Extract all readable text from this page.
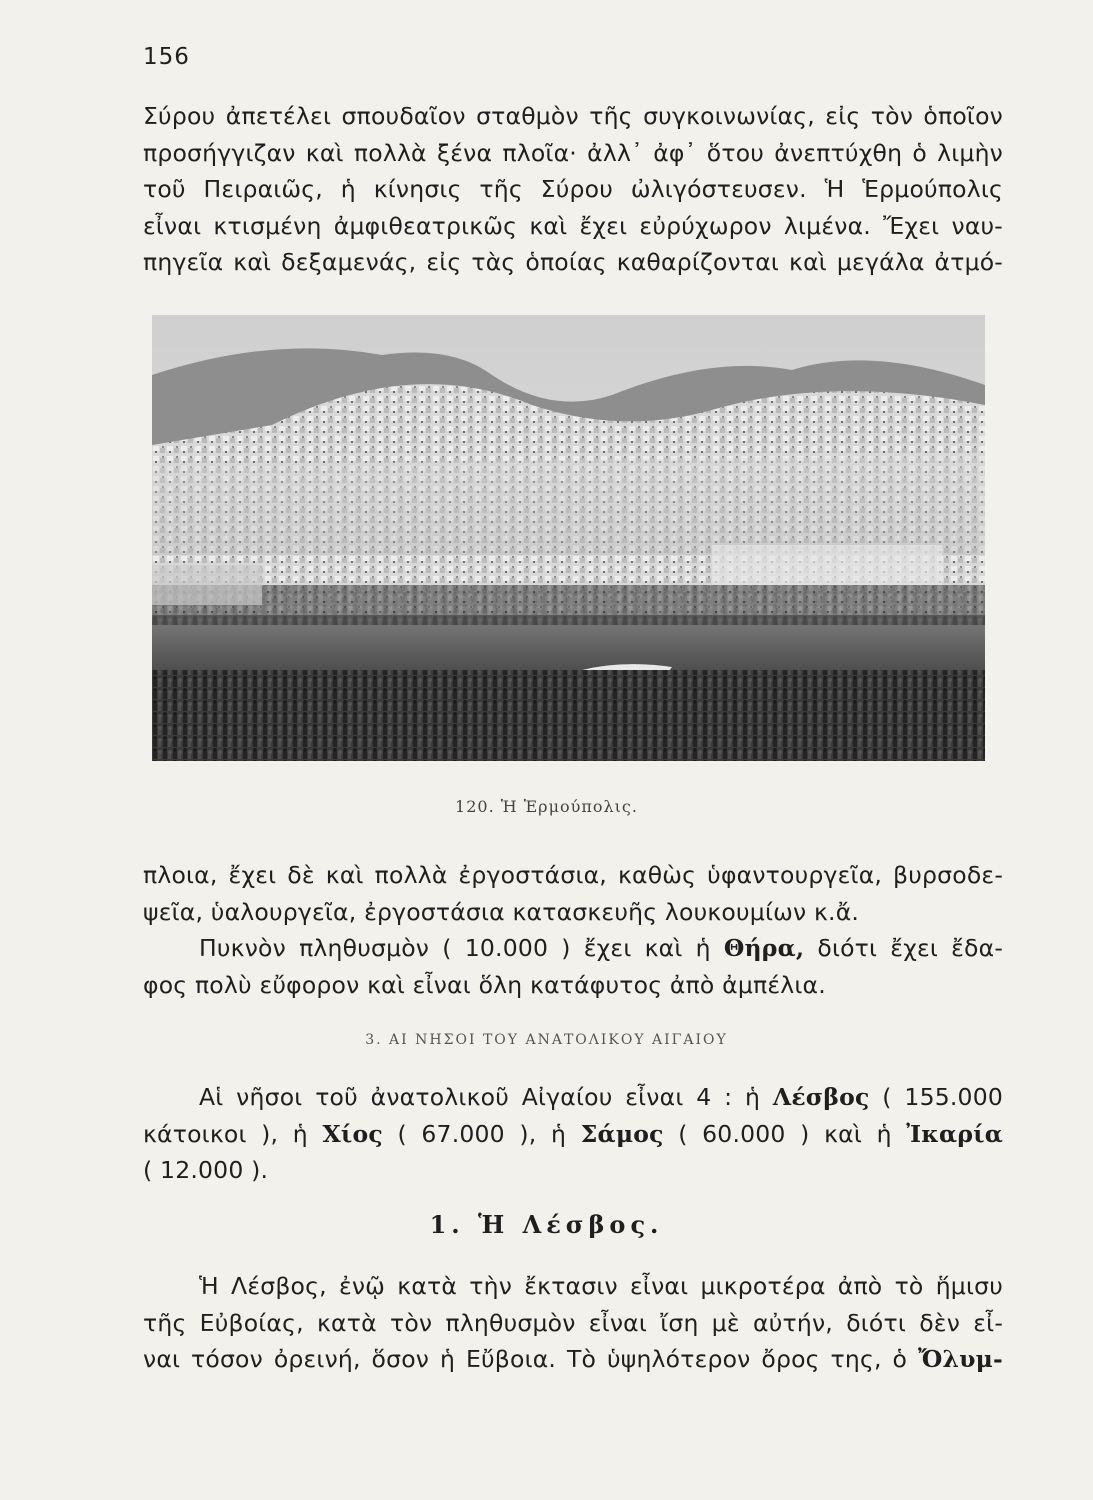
156

Σύρου ἀπετέλει σπουδαῖον σταθμὸν τῆς συγκοινωνίας, εἰς τὸν ὁποῖον
προσήγγιζαν καὶ πολλὰ ξένα πλοῖα· ἀλλ᾽ ἀφ᾽ ὅτου ἀνεπτύχθη ὁ λιμὴν
τοῦ Πειραιῶς, ἡ κίνησις τῆς Σύρου ὠλιγόστευσεν. Ἡ Ἑρμούπολις
εἶναι κτισμένη ἀμφιθεατρικῶς καὶ ἔχει εὐρύχωρον λιμένα. Ἔχει ναυ-
πηγεῖα καὶ δεξαμενάς, εἰς τὰς ὁποίας καθαρίζονται καὶ μεγάλα ἀτμό-

120. Ἡ Ἑρμούπολις.

πλοια, ἔχει δὲ καὶ πολλὰ ἐργοστάσια, καθὼς ὑφαντουργεῖα, βυρσοδε-
ψεῖα, ὑαλουργεῖα, ἐργοστάσια κατασκευῆς λουκουμίων κ.ἄ.

Πυκνὸν πληθυσμὸν ( 10.000 ) ἔχει καὶ ἡ Θήρα, διότι ἔχει ἔδα-
φος πολὺ εὔφορον καὶ εἶναι ὅλη κατάφυτος ἀπὸ ἀμπέλια.

3. ΑΙ ΝΗΣΟΙ ΤΟΥ ΑΝΑΤΟΛΙΚΟΥ ΑΙΓΑΙΟΥ

Αἱ νῆσοι τοῦ ἀνατολικοῦ Αἰγαίου εἶναι 4 : ἡ Λέσβος ( 155.000
κάτοικοι ), ἡ Χίος ( 67.000 ), ἡ Σάμος ( 60.000 ) καὶ ἡ Ἰκαρία
( 12.000 ).

1. Ἡ Λέσβος.

Ἡ Λέσβος, ἐνῷ κατὰ τὴν ἔκτασιν εἶναι μικροτέρα ἀπὸ τὸ ἥμισυ
τῆς Εὐβοίας, κατὰ τὸν πληθυσμὸν εἶναι ἴση μὲ αὐτήν, διότι δὲν εἶ-
ναι τόσον ὀρεινή, ὅσον ἡ Εὔβοια. Τὸ ὑψηλότερον ὄρος της, ὁ Ὄλυμ-
